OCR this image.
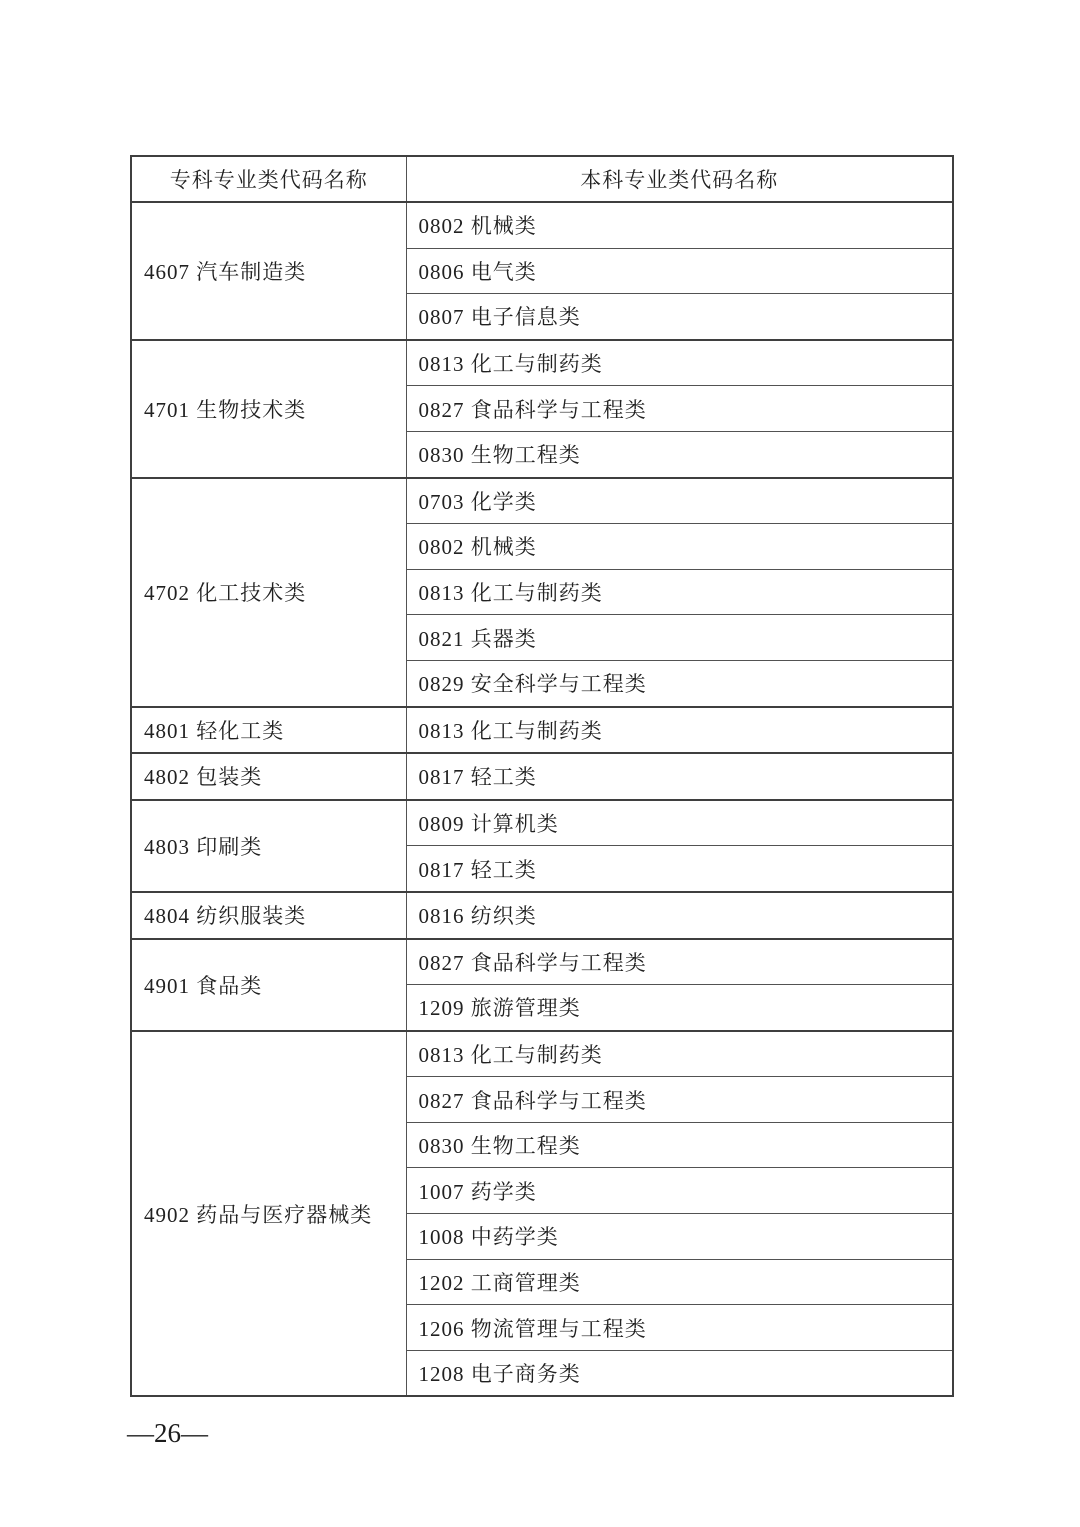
专科专业类代码名称	本科专业类代码名称
4607 汽车制造类	0802 机械类
	0806 电气类
	0807 电子信息类
4701 生物技术类	0813 化工与制药类
	0827 食品科学与工程类
	0830 生物工程类
4702 化工技术类	0703 化学类
	0802 机械类
	0813 化工与制药类
	0821 兵器类
	0829 安全科学与工程类
4801 轻化工类	0813 化工与制药类
4802 包装类	0817 轻工类
4803 印刷类	0809 计算机类
	0817 轻工类
4804 纺织服装类	0816 纺织类
4901 食品类	0827 食品科学与工程类
	1209 旅游管理类
4902 药品与医疗器械类	0813 化工与制药类
	0827 食品科学与工程类
	0830 生物工程类
	1007 药学类
	1008 中药学类
	1202 工商管理类
	1206 物流管理与工程类
	1208 电子商务类
—26—
